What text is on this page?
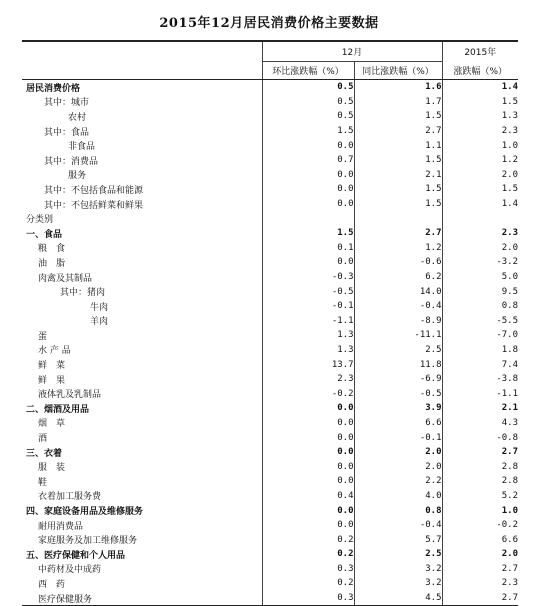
2015年12月居民消费价格主要数据
	12月		2015年
	环比涨跌幅（%）	同比涨跌幅（%）	涨跌幅（%）
居民消费价格	0.5	1.6	1.4
其中：城市	0.5	1.7	1.5
农村	0.5	1.5	1.3
其中：食品	1.5	2.7	2.3
非食品	0.0	1.1	1.0
其中：消费品	0.7	1.5	1.2
服务	0.0	2.1	2.0
其中：不包括食品和能源	0.0	1.5	1.5
其中：不包括鲜菜和鲜果	0.0	1.5	1.4
分类别			
一、食品	1.5	2.7	2.3
粮　食	0.1	1.2	2.0
油　脂	0.0	-0.6	-3.2
肉禽及其制品	-0.3	6.2	5.0
其中：猪肉	-0.5	14.0	9.5
牛肉	-0.1	-0.4	0.8
羊肉	-1.1	-8.9	-5.5
蛋	1.3	-11.1	-7.0
水 产 品	1.3	2.5	1.8
鲜　菜	13.7	11.8	7.4
鲜　果	2.3	-6.9	-3.8
液体乳及乳制品	-0.2	-0.5	-1.1
二、烟酒及用品	0.0	3.9	2.1
烟　草	0.0	6.6	4.3
酒	0.0	-0.1	-0.8
三、衣着	0.0	2.0	2.7
服　装	0.0	2.0	2.8
鞋	0.0	2.2	2.8
衣着加工服务费	0.4	4.0	5.2
四、家庭设备用品及维修服务	0.0	0.8	1.0
耐用消费品	0.0	-0.4	-0.2
家庭服务及加工维修服务	0.2	5.7	6.6
五、医疗保健和个人用品	0.2	2.5	2.0
中药材及中成药	0.3	3.2	2.7
西　药	0.2	3.2	2.3
医疗保健服务	0.3	4.5	2.7
